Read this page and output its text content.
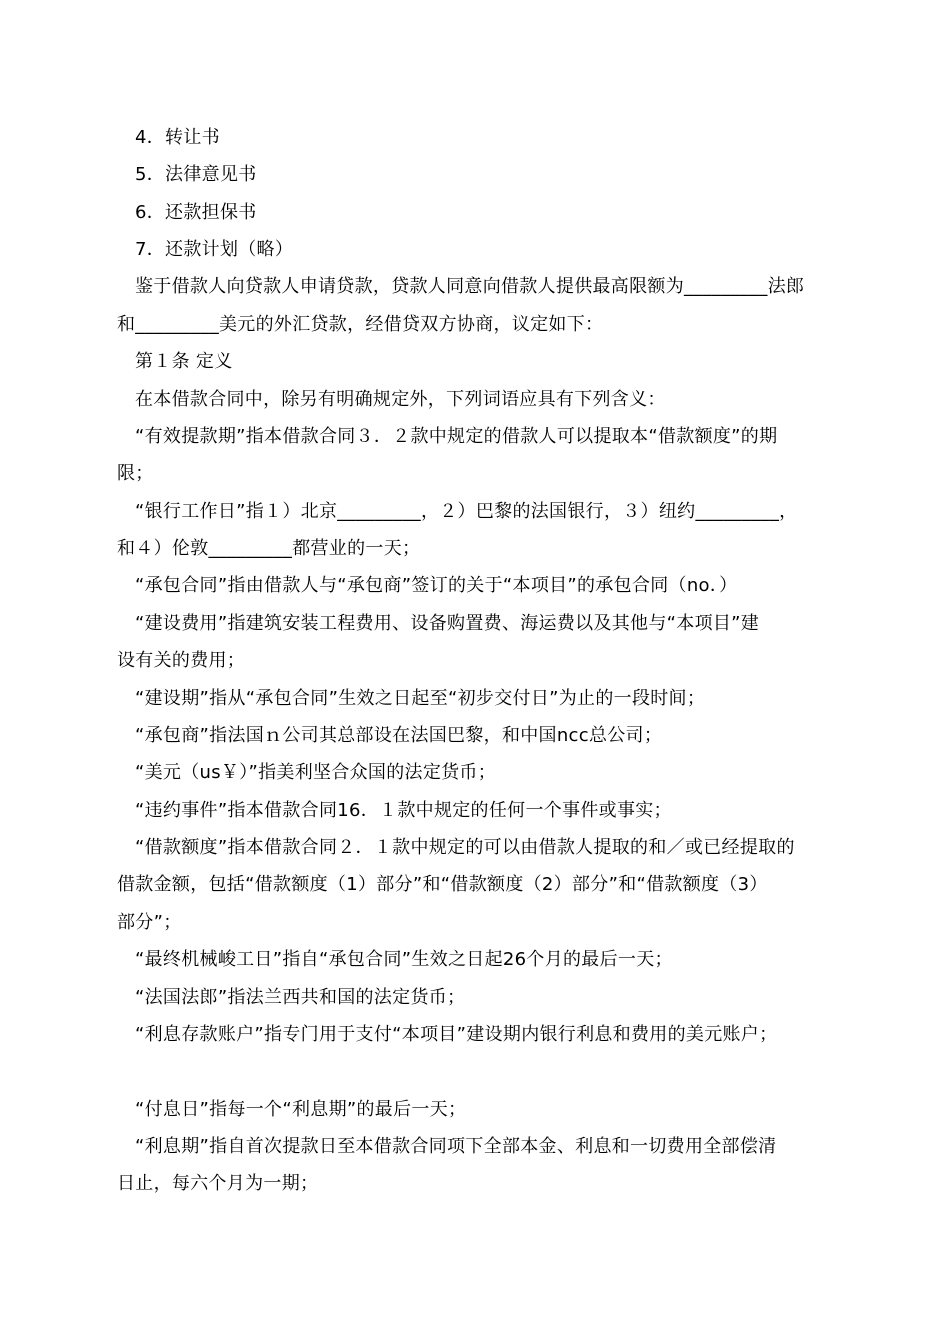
4．转让书
5．法律意见书
6．还款担保书
7．还款计划（略）
鉴于借款人向贷款人申请贷款，贷款人同意向借款人提供最高限额为_________法郎
和_________美元的外汇贷款，经借贷双方协商，议定如下：
第１条 定义
在本借款合同中，除另有明确规定外，下列词语应具有下列含义：
“有效提款期”指本借款合同３．２款中规定的借款人可以提取本“借款额度”的期
限；
“银行工作日”指１）北京_________，２）巴黎的法国银行，３）纽约_________，
和４）伦敦_________都营业的一天；
“承包合同”指由借款人与“承包商”签订的关于“本项目”的承包合同（no．）
“建设费用”指建筑安装工程费用、设备购置费、海运费以及其他与“本项目”建
设有关的费用；
“建设期”指从“承包合同”生效之日起至“初步交付日”为止的一段时间；
“承包商”指法国ｎ公司其总部设在法国巴黎，和中国ncc总公司；
“美元（us￥）”指美利坚合众国的法定货币；
“违约事件”指本借款合同16．１款中规定的任何一个事件或事实；
“借款额度”指本借款合同２．１款中规定的可以由借款人提取的和／或已经提取的
借款金额，包括“借款额度（1）部分”和“借款额度（2）部分”和“借款额度（3）
部分”；
“最终机械峻工日”指自“承包合同”生效之日起26个月的最后一天；
“法国法郎”指法兰西共和国的法定货币；
“利息存款账户”指专门用于支付“本项目”建设期内银行利息和费用的美元账户；
“付息日”指每一个“利息期”的最后一天；
“利息期”指自首次提款日至本借款合同项下全部本金、利息和一切费用全部偿清
日止，每六个月为一期；
